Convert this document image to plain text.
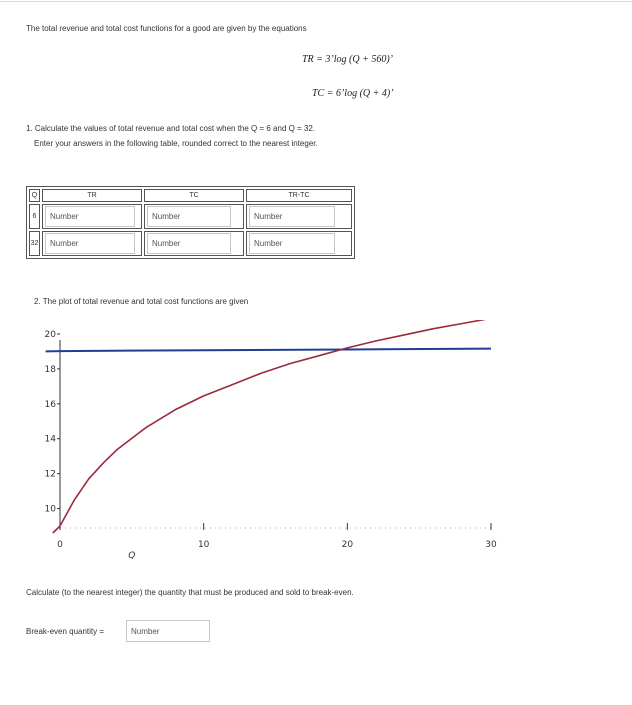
The total revenue and total cost functions for a good are given by the equations
TR = 3ʼlog (Q + 560)ʼ
TC = 6ʼlog (Q + 4)ʼ
1. Calculate the values of total revenue and total cost when the Q = 6 and Q = 32.
Enter your answers in the following table, rounded correct to the nearest integer.
Q	TR	TC	TR-TC
6	Number	Number	Number
32	Number	Number	Number
2. The plot of total revenue and total cost functions are given
10
12
14
16
18
20
0	10	20	30
Q
Calculate (to the nearest integer) the quantity that must be produced and sold to break-even.
Break-even quantity =
Number
